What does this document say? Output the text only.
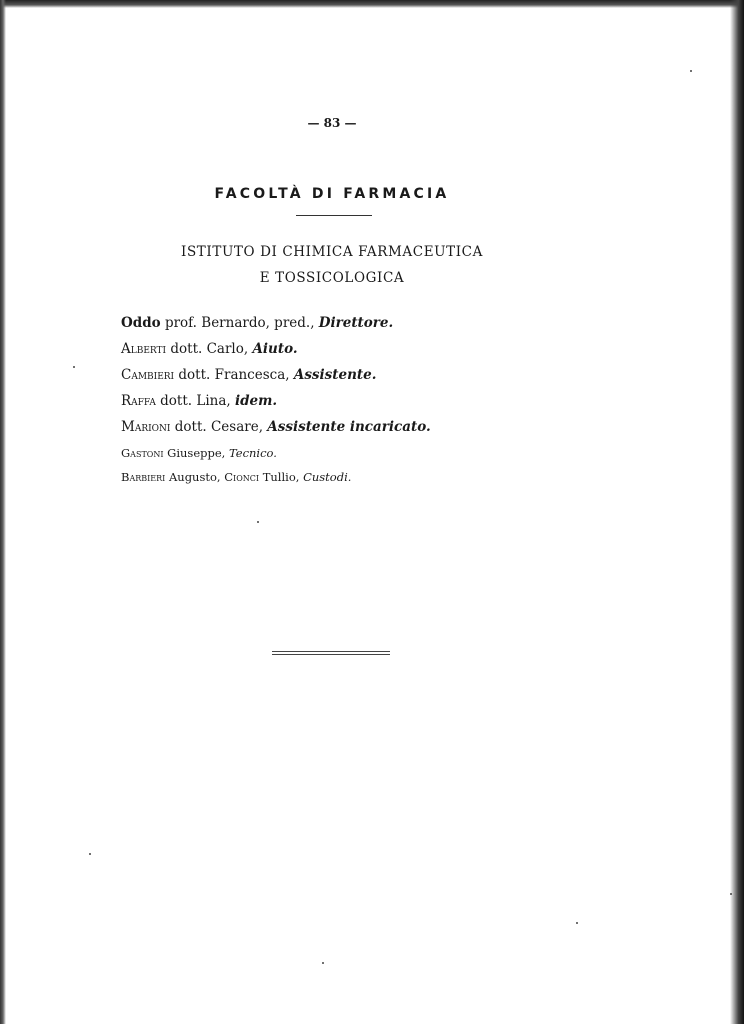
— 83 —
FACOLTÀ DI FARMACIA
ISTITUTO DI CHIMICA FARMACEUTICA
E TOSSICOLOGICA
Oddo prof. Bernardo, pred., Direttore.
Alberti dott. Carlo, Aiuto.
Cambieri dott. Francesca, Assistente.
Raffa dott. Lina, idem.
Marioni dott. Cesare, Assistente incaricato.
Gastoni Giuseppe, Tecnico.
Barbieri Augusto, Cionci Tullio, Custodi.
